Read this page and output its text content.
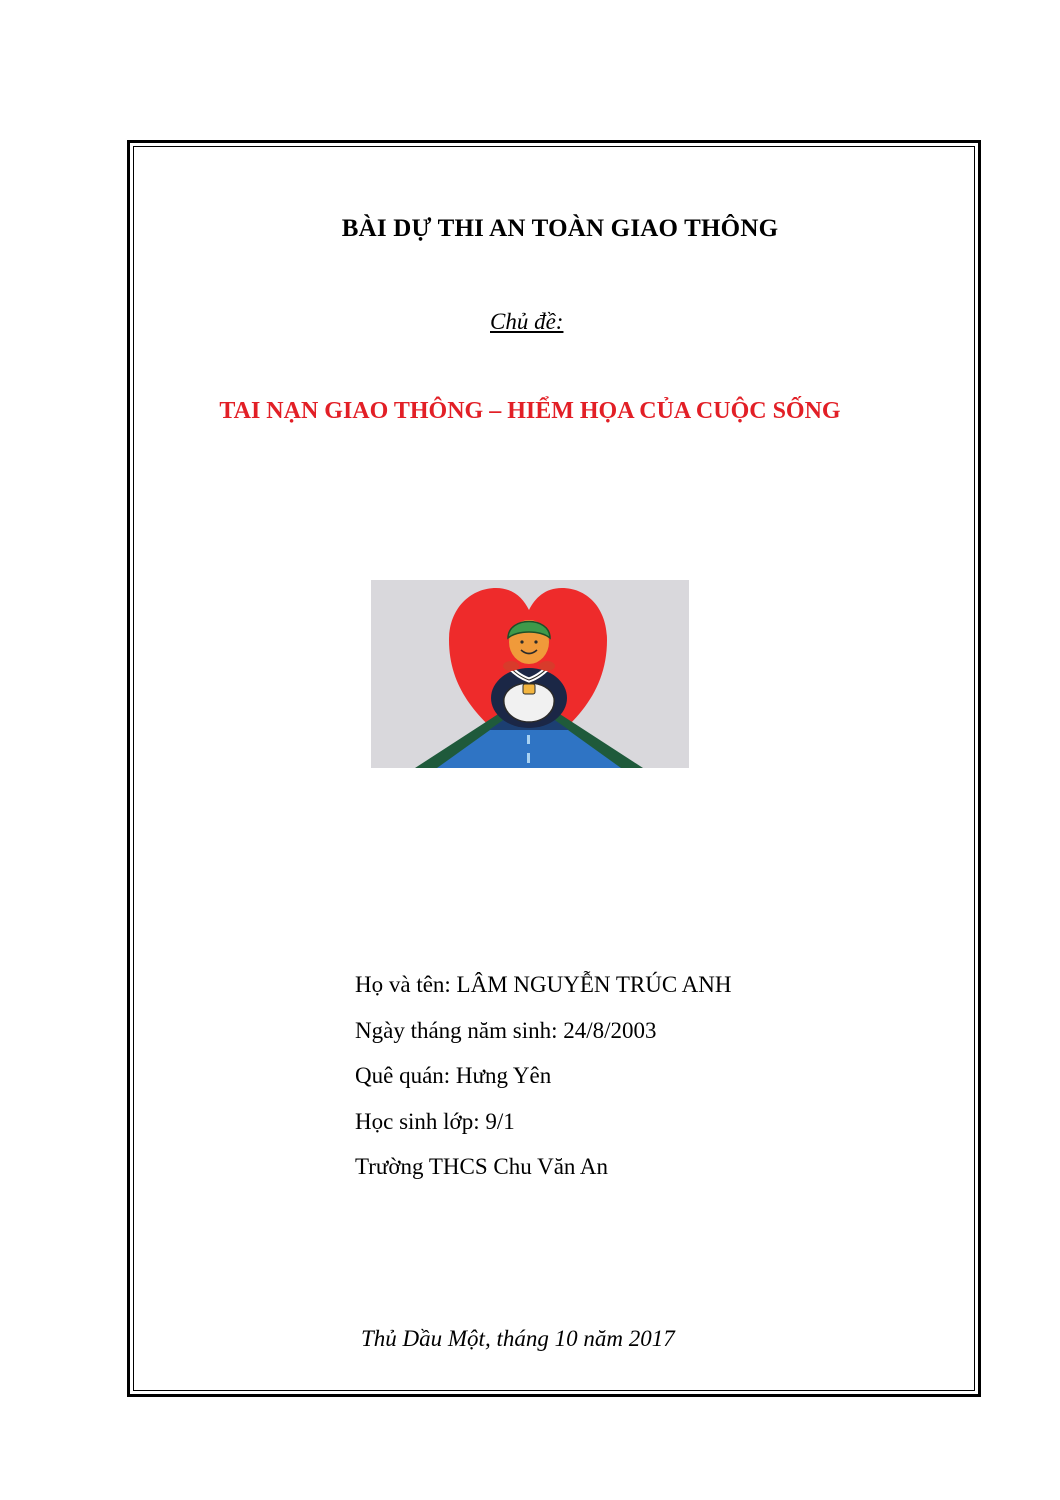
BÀI DỰ THI AN TOÀN GIAO THÔNG
Chủ đề:
TAI NẠN GIAO THÔNG – HIỂM HỌA CỦA CUỘC SỐNG
Họ và tên: LÂM NGUYỄN TRÚC ANH
Ngày tháng năm sinh: 24/8/2003
Quê quán: Hưng Yên
Học sinh lớp: 9/1
Trường THCS Chu Văn An
Thủ Dầu Một, tháng 10 năm 2017
